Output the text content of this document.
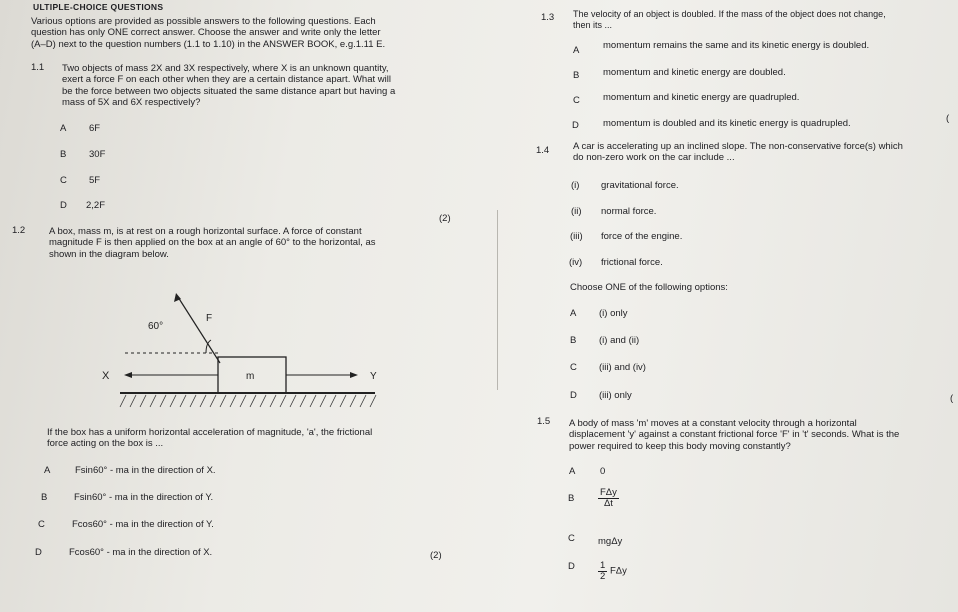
ULTIPLE-CHOICE QUESTIONS
Various options are provided as possible answers to the following questions. Each
question has only ONE correct answer. Choose the answer and write only the letter
(A–D) next to the question numbers (1.1 to 1.10) in the ANSWER BOOK, e.g.1.11 E.
1.1 Two objects of mass 2X and 3X respectively, where X is an unknown quantity,
exert a force F on each other when they are a certain distance apart. What will
be the force between two objects situated the same distance apart but having a
mass of 5X and 6X respectively?
A 6F
B 30F
C 5F
D 2,2F
(2)
1.2	A box, mass m, is at rest on a rough horizontal surface. A force of constant
magnitude F is then applied on the box at an angle of 60° to the horizontal, as
shown in the diagram below.
F
60°
m
X	Y
If the box has a uniform horizontal acceleration of magnitude, 'a', the frictional
force acting on the box is ...
A	Fsin60° - ma in the direction of X.
B	Fsin60° - ma in the direction of Y.
C	Fcos60° - ma in the direction of Y.
D	Fcos60° - ma in the direction of X.	(2)
1.3 The velocity of an object is doubled. If the mass of the object does not change,
then its ...
A momentum remains the same and its kinetic energy is doubled.
B momentum and kinetic energy are doubled.
C momentum and kinetic energy are quadrupled.
D	momentum is doubled and its kinetic energy is quadrupled.	(
1.4	A car is accelerating up an inclined slope. The non-conservative force(s) which
do non-zero work on the car include ...
(i) gravitational force.
(ii) normal force.
(iii) force of the engine.
(iv) frictional force.
Choose ONE of the following options:
A (i) only
B (i) and (ii)
C (iii) and (iv)
D (iii) only	(
1.5 A body of mass 'm' moves at a constant velocity through a horizontal
displacement 'y' against a constant frictional force 'F' in 't' seconds. What is the
power required to keep this body moving constantly?
A	0
B $\frac{\text{FΔy}}{\Delta t}$
C mgΔy
D $\frac{1}{2}$ FΔy
